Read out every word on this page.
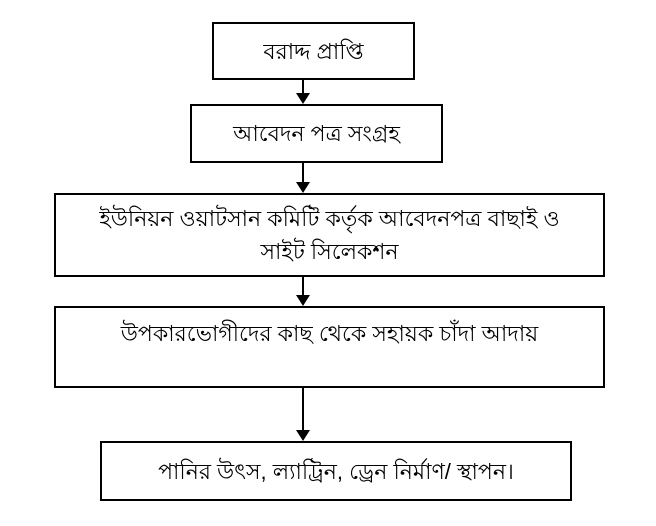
বরাদ্দ প্রাপ্তি
আবেদন পত্র সংগ্রহ
ইউনিয়ন ওয়াটসান কমিটি কর্তৃক আবেদনপত্র বাছাই ও সাইট সিলেকশন
উপকারভোগীদের কাছ থেকে সহায়ক চাঁদা আদায়
পানির উৎস, ল্যাট্রিন, ড্রেন নির্মাণ/ স্থাপন।
